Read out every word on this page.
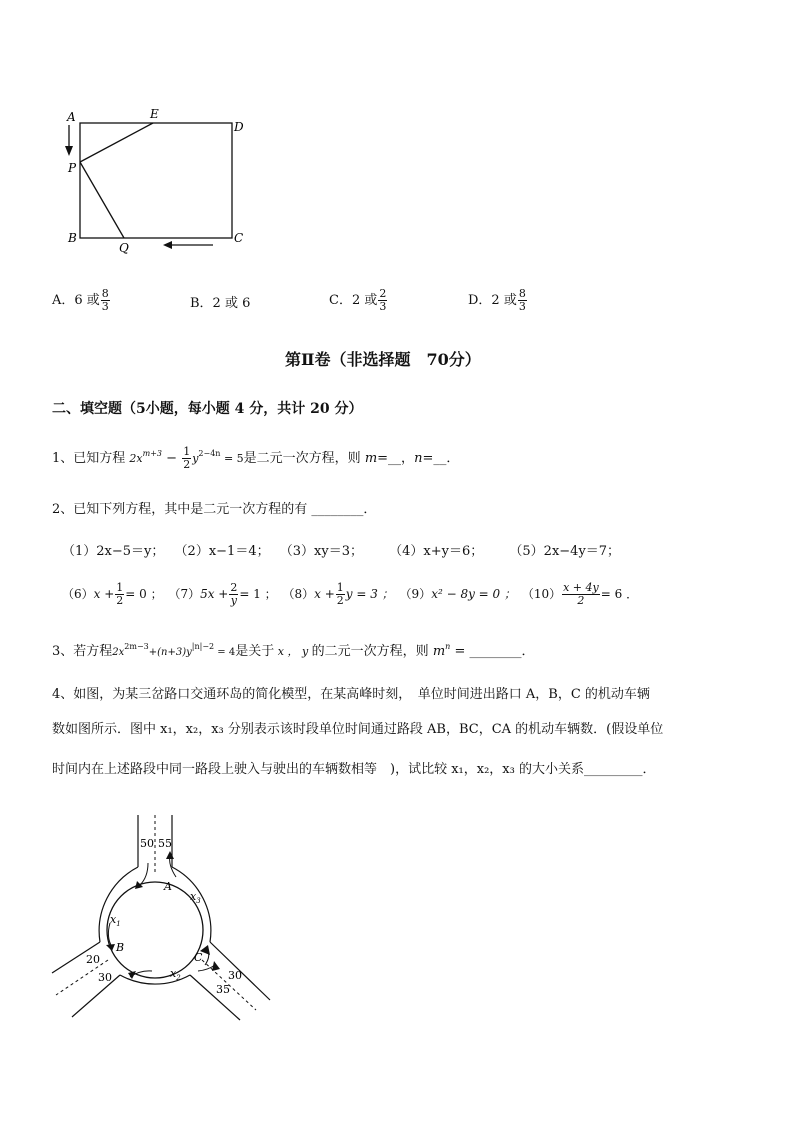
A	E
D
P
B
Q
C
A．6 或 $\frac{8}{3}$	B．2 或 6	C．2 或 $\frac{2}{3}$	D．2 或 $\frac{8}{3}$
第Ⅱ卷（非选择题　70分）
二、填空题（5小题，每小题 4 分，共计 20 分）
1、已知方程 $2x^{m+3} - \frac{1}{2} y^{2-4n} = 5$是二元一次方程，则 m=__，n=__．
2、已知下列方程，其中是二元一次方程的有 ________．
（1）2x−5＝y； （2）x−1＝4； （3）xy＝3； （4）x+y＝6； （5）2x−4y＝7；
$(6)x + \frac{1}{2} = 0$ ； $(7)5x + \frac{2}{y} = 1$ ； $(8)x + \frac{1}{2}$ y = 3 ； （9）x² − 8y = 0 ； $(10) \frac{x + 4y}{2} = 6$ ．
3、若方程$2x^{2m-3}+(n+3)y^{|n|-2} = 4$是关于 x ， y 的二元一次方程，则 $m^n$ = ________．
4、如图，为某三岔路口交通环岛的简化模型，在某高峰时刻，　单位时间进出路口 A，B，C 的机动车辆
数如图所示．图中 x₁，x₂，x₃ 分别表示该时段单位时间通过路段 AB，BC，CA 的机动车辆数．(假设单位
时间内在上述路段中同一路段上驶入与驶出的车辆数相等　)，试比较 x₁，x₂，x₃ 的大小关系_________．
50 55
A
$x_3$
$x_1$
B
C
$x_2$
20
30	30
35
